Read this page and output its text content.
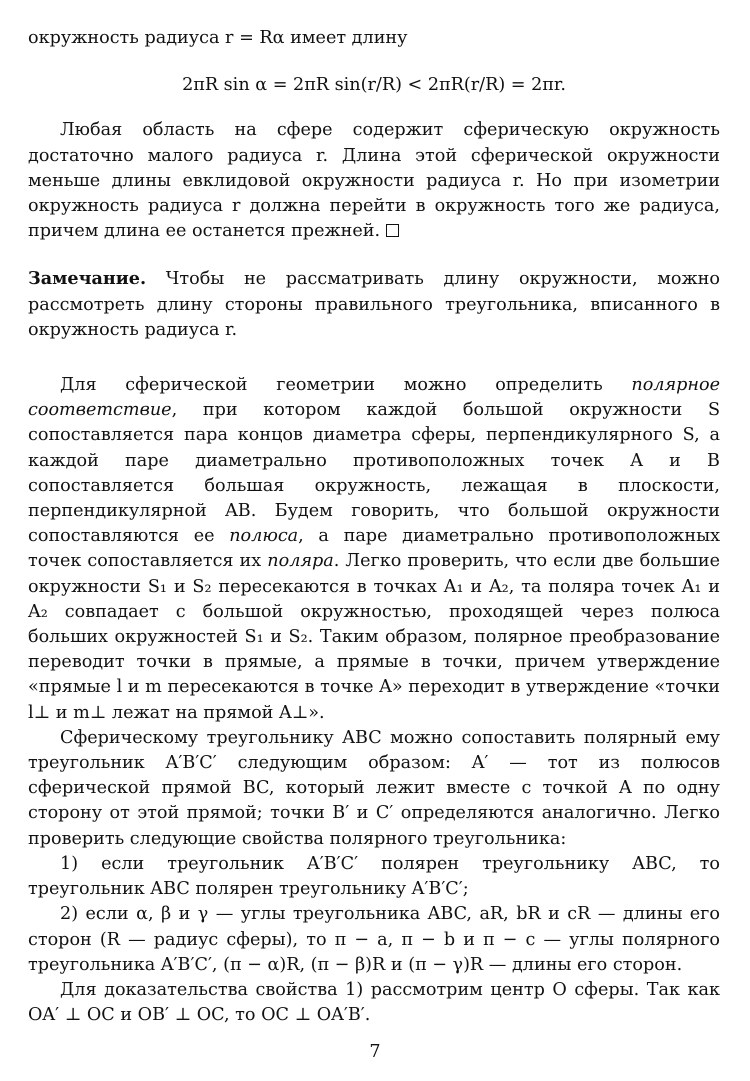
окружность радиуса r = Rα имеет длину

2πR sin α = 2πR sin(r/R) < 2πR(r/R) = 2πr.

Любая область на сфере содержит сферическую окружность достаточно малого радиуса r. Длина этой сферической окружности меньше длины евклидовой окружности радиуса r. Но при изометрии окружность радиуса r должна перейти в окружность того же радиуса, причем длина ее останется прежней.

Замечание. Чтобы не рассматривать длину окружности, можно рассмотреть длину стороны правильного треугольника, вписанного в окружность радиуса r.

Для сферической геометрии можно определить полярное соответствие, при котором каждой большой окружности S сопоставляется пара концов диаметра сферы, перпендикулярного S, а каждой паре диаметрально противоположных точек A и B сопоставляется большая окружность, лежащая в плоскости, перпендикулярной AB. Будем говорить, что большой окружности сопоставляются ее полюса, а паре диаметрально противоположных точек сопоставляется их поляра. Легко проверить, что если две большие окружности S₁ и S₂ пересекаются в точках A₁ и A₂, та поляра точек A₁ и A₂ совпадает с большой окружностью, проходящей через полюса больших окружностей S₁ и S₂. Таким образом, полярное преобразование переводит точки в прямые, а прямые в точки, причем утверждение «прямые l и m пересекаются в точке A» переходит в утверждение «точки l⊥ и m⊥ лежат на прямой A⊥».

Сферическому треугольнику ABC можно сопоставить полярный ему треугольник A′B′C′ следующим образом: A′ — тот из полюсов сферической прямой BC, который лежит вместе с точкой A по одну сторону от этой прямой; точки B′ и C′ определяются аналогично. Легко проверить следующие свойства полярного треугольника:

1) если треугольник A′B′C′ полярен треугольнику ABC, то треугольник ABC полярен треугольнику A′B′C′;

2) если α, β и γ — углы треугольника ABC, aR, bR и cR — длины его сторон (R — радиус сферы), то π − a, π − b и π − c — углы полярного треугольника A′B′C′, (π − α)R, (π − β)R и (π − γ)R — длины его сторон.

Для доказательства свойства 1) рассмотрим центр O сферы. Так как OA′ ⊥ OC и OB′ ⊥ OC, то OC ⊥ OA′B′.

7
